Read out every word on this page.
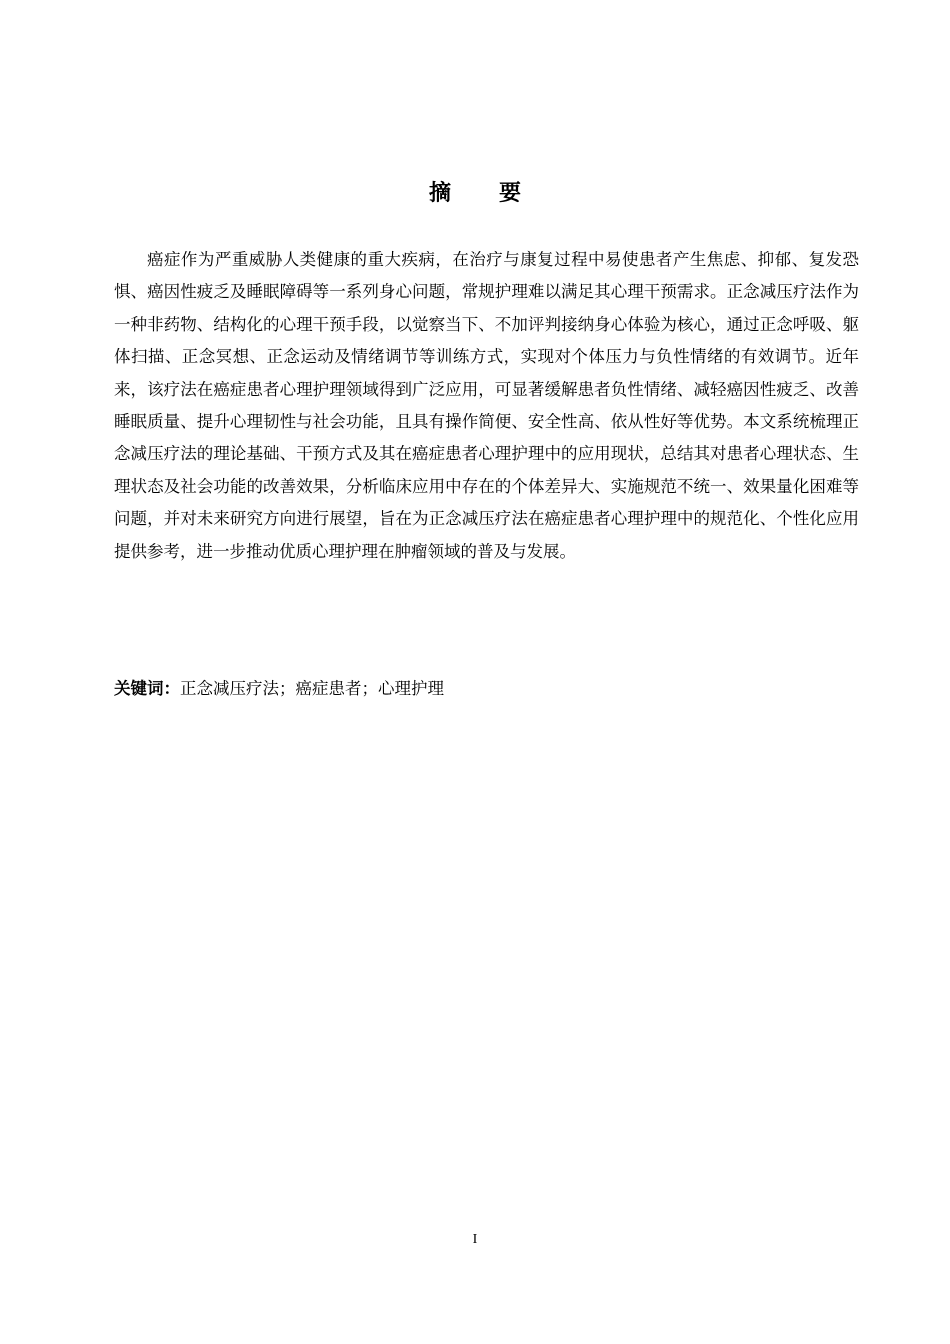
摘要

癌症作为严重威胁人类健康的重大疾病，在治疗与康复过程中易使患者产生焦虑、抑郁、复发恐惧、癌因性疲乏及睡眠障碍等一系列身心问题，常规护理难以满足其心理干预需求。正念减压疗法作为一种非药物、结构化的心理干预手段，以觉察当下、不加评判接纳身心体验为核心，通过正念呼吸、躯体扫描、正念冥想、正念运动及情绪调节等训练方式，实现对个体压力与负性情绪的有效调节。近年来，该疗法在癌症患者心理护理领域得到广泛应用，可显著缓解患者负性情绪、减轻癌因性疲乏、改善睡眠质量、提升心理韧性与社会功能，且具有操作简便、安全性高、依从性好等优势。本文系统梳理正念减压疗法的理论基础、干预方式及其在癌症患者心理护理中的应用现状，总结其对患者心理状态、生理状态及社会功能的改善效果，分析临床应用中存在的个体差异大、实施规范不统一、效果量化困难等问题，并对未来研究方向进行展望，旨在为正念减压疗法在癌症患者心理护理中的规范化、个性化应用提供参考，进一步推动优质心理护理在肿瘤领域的普及与发展。

关键词：正念减压疗法；癌症患者；心理护理

I
